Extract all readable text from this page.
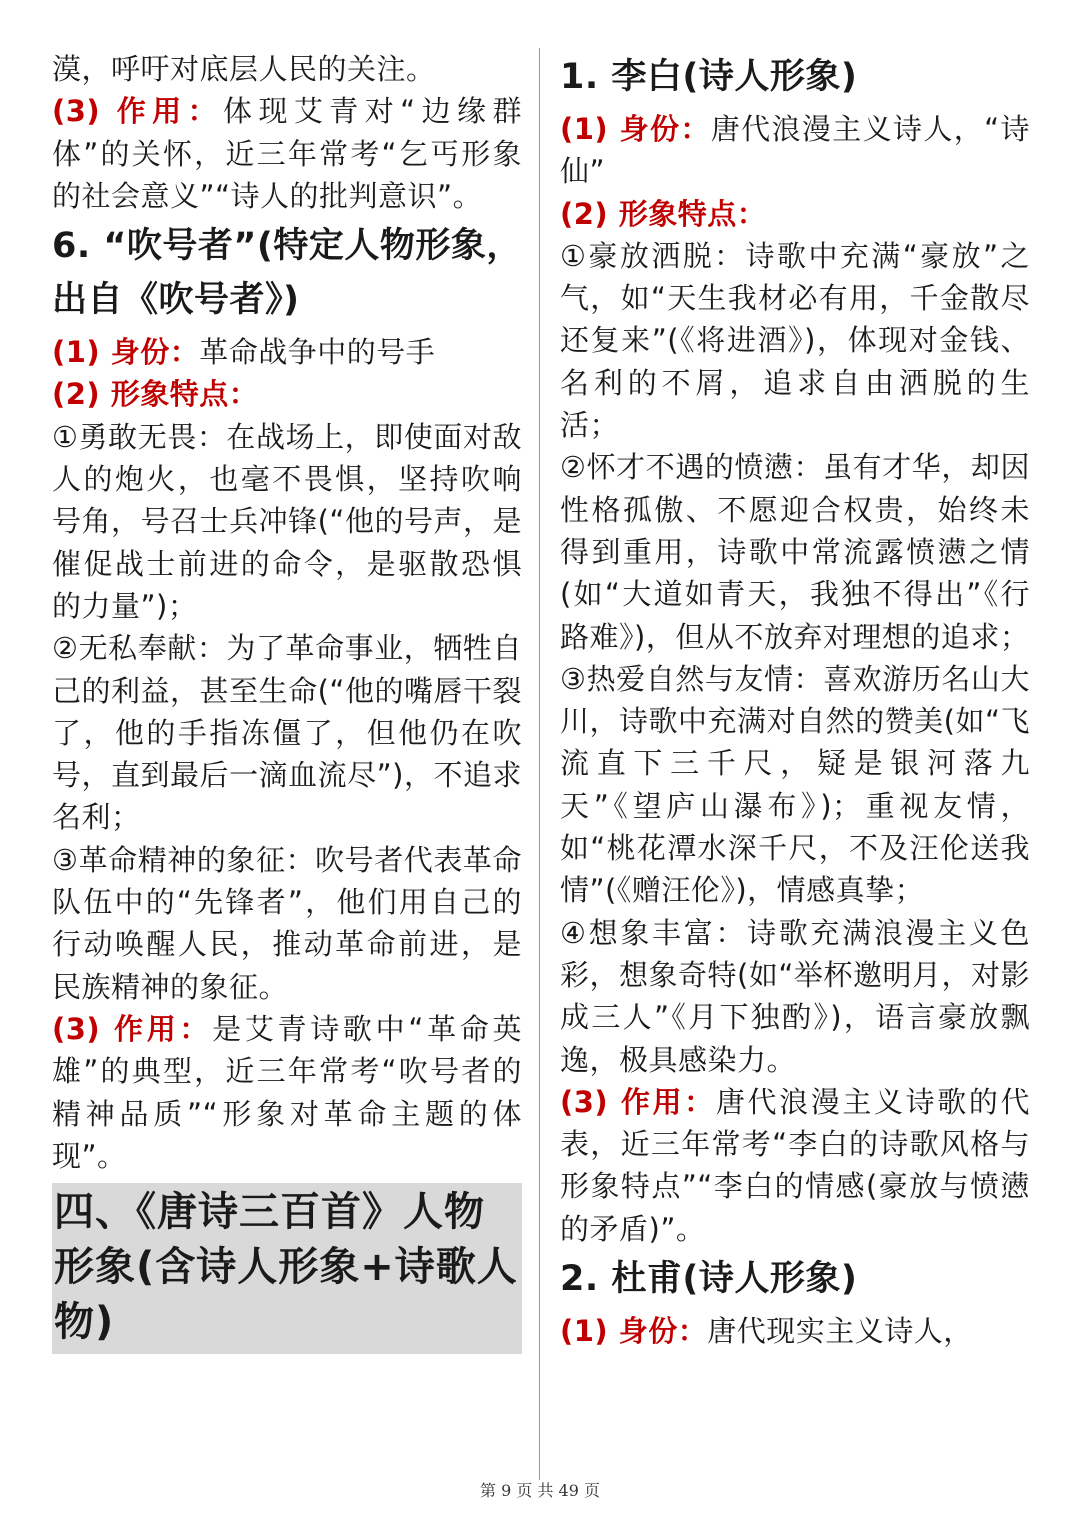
漠，呼吁对底层人民的关注。

(3) 作用：体现艾青对“边缘群体”的关怀，近三年常考“乞丐形象的社会意义”“诗人的批判意识”。

6. “吹号者”(特定人物形象，出自《吹号者》)

(1) 身份：革命战争中的号手

(2) 形象特点：

①勇敢无畏：在战场上，即使面对敌人的炮火，也毫不畏惧，坚持吹响号角，号召士兵冲锋(“他的号声，是催促战士前进的命令，是驱散恐惧的力量”)；

②无私奉献：为了革命事业，牺牲自己的利益，甚至生命(“他的嘴唇干裂了，他的手指冻僵了，但他仍在吹号，直到最后一滴血流尽”)，不追求名利；

③革命精神的象征：吹号者代表革命队伍中的“先锋者”，他们用自己的行动唤醒人民，推动革命前进，是民族精神的象征。

(3) 作用：是艾青诗歌中“革命英雄”的典型，近三年常考“吹号者的精神品质”“形象对革命主题的体现”。

四、《唐诗三百首》人物形象(含诗人形象+诗歌人物)
1. 李白(诗人形象)

(1) 身份：唐代浪漫主义诗人，“诗仙”

(2) 形象特点：

①豪放洒脱：诗歌中充满“豪放”之气，如“天生我材必有用，千金散尽还复来”(《将进酒》)，体现对金钱、名利的不屑，追求自由洒脱的生活；

②怀才不遇的愤懑：虽有才华，却因性格孤傲、不愿迎合权贵，始终未得到重用，诗歌中常流露愤懑之情(如“大道如青天，我独不得出”《行路难》)，但从不放弃对理想的追求；

③热爱自然与友情：喜欢游历名山大川，诗歌中充满对自然的赞美(如“飞流直下三千尺，疑是银河落九天”《望庐山瀑布》)；重视友情，如“桃花潭水深千尺，不及汪伦送我情”(《赠汪伦》)，情感真挚；

④想象丰富：诗歌充满浪漫主义色彩，想象奇特(如“举杯邀明月，对影成三人”《月下独酌》)，语言豪放飘逸，极具感染力。

(3) 作用：唐代浪漫主义诗歌的代表，近三年常考“李白的诗歌风格与形象特点”“李白的情感(豪放与愤懑的矛盾)”。

2. 杜甫(诗人形象)

(1) 身份：唐代现实主义诗人，

第 9 页 共 49 页
